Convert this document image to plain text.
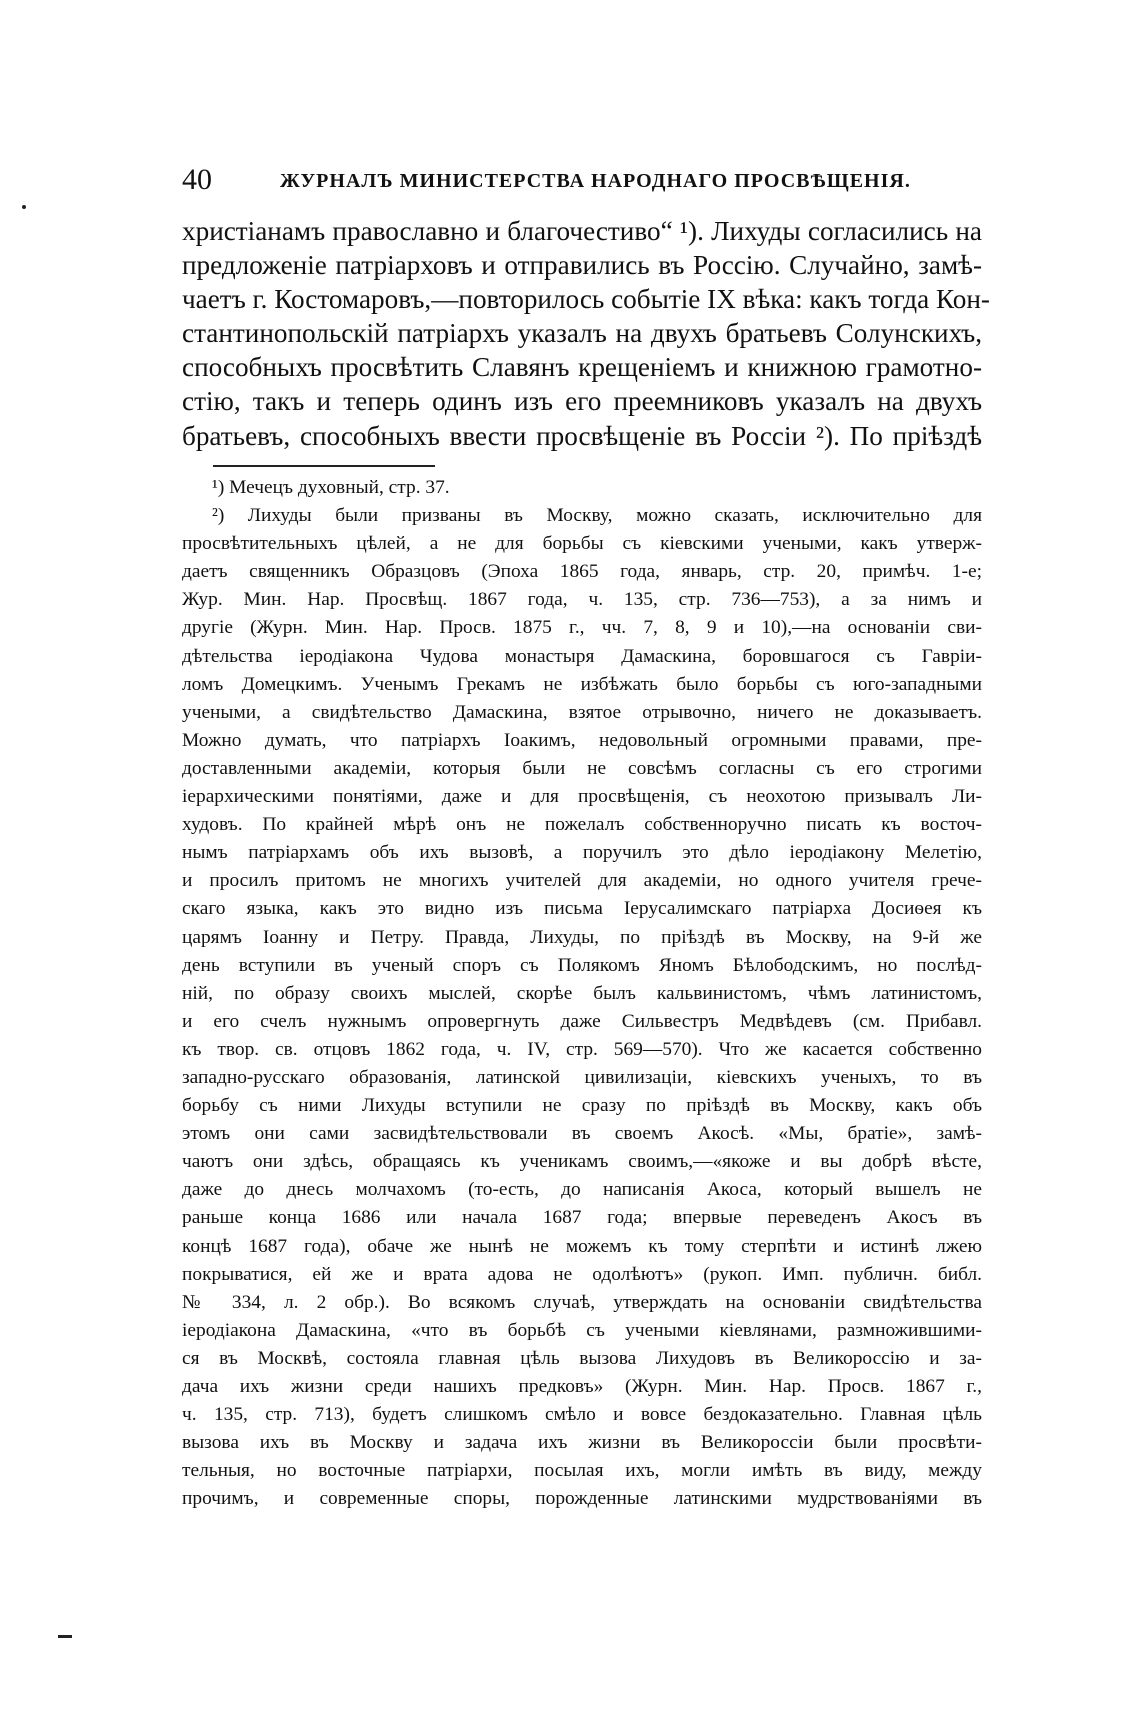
40	ЖУРНАЛЪ МИНИСТЕРСТВА НАРОДНАГО ПРОСВѢЩЕНІЯ.
христіанамъ православно и благочестиво“ ¹). Лихуды согласились на
предложеніе патріарховъ и отправились въ Россію. Случайно, замѣ-
чаетъ г. Костомаровъ,—повторилось событіе IX вѣка: какъ тогда Кон-
стантинопольскій патріархъ указалъ на двухъ братьевъ Солунскихъ,
способныхъ просвѣтить Славянъ крещеніемъ и книжною грамотно-
стію, такъ и теперь одинъ изъ его преемниковъ указалъ на двухъ
братьевъ, способныхъ ввести просвѣщеніе въ Россіи ²). По пріѣздѣ
¹) Мечецъ духовный, стр. 37.
²) Лихуды были призваны въ Москву, можно сказать, исключительно для
просвѣтительныхъ цѣлей, а не для борьбы съ кіевскими учеными, какъ утверж-
даетъ священникъ Образцовъ (Эпоха 1865 года, январь, стр. 20, примѣч. 1-е;
Жур. Мин. Нар. Просвѣщ. 1867 года, ч. 135, стр. 736—753), а за нимъ и
другіе (Журн. Мин. Нар. Просв. 1875 г., чч. 7, 8, 9 и 10),—на основаніи сви-
дѣтельства іеродіакона Чудова монастыря Дамаскина, боровшагося съ Гавріи-
ломъ Домецкимъ. Ученымъ Грекамъ не избѣжать было борьбы съ юго-западными
учеными, а свидѣтельство Дамаскина, взятое отрывочно, ничего не доказываетъ.
Можно думать, что патріархъ Іоакимъ, недовольный огромными правами, пре-
доставленными академіи, которыя были не совсѣмъ согласны съ его строгими
іерархическими понятіями, даже и для просвѣщенія, съ неохотою призывалъ Ли-
худовъ. По крайней мѣрѣ онъ не пожелалъ собственноручно писать къ восточ-
нымъ патріархамъ объ ихъ вызовѣ, а поручилъ это дѣло іеродіакону Мелетію,
и просилъ притомъ не многихъ учителей для академіи, но одного учителя грече-
скаго языка, какъ это видно изъ письма Іерусалимскаго патріарха Досиѳея къ
царямъ Іоанну и Петру. Правда, Лихуды, по пріѣздѣ въ Москву, на 9-й же
день вступили въ ученый споръ съ Полякомъ Яномъ Бѣлободскимъ, но послѣд-
ній, по образу своихъ мыслей, скорѣе былъ кальвинистомъ, чѣмъ латинистомъ,
и его счелъ нужнымъ опровергнуть даже Сильвестръ Медвѣдевъ (см. Прибавл.
къ твор. св. отцовъ 1862 года, ч. IV, стр. 569—570). Что же касается собственно
западно-русскаго образованія, латинской цивилизаціи, кіевскихъ ученыхъ, то въ
борьбу съ ними Лихуды вступили не сразу по пріѣздѣ въ Москву, какъ объ
этомъ они сами засвидѣтельствовали въ своемъ Акосѣ. «Мы, братіе», замѣ-
чаютъ они здѣсь, обращаясь къ ученикамъ своимъ,—«якоже и вы добрѣ вѣсте,
даже до днесь молчахомъ (то-есть, до написанія Акоса, который вышелъ не
раньше конца 1686 или начала 1687 года; впервые переведенъ Акосъ въ
концѣ 1687 года), обаче же нынѣ не можемъ къ тому стерпѣти и истинѣ лжею
покрыватися, ей же и врата адова не одолѣютъ» (рукоп. Имп. публичн. библ.
№ 334, л. 2 обр.). Во всякомъ случаѣ, утверждать на основаніи свидѣтельства
іеродіакона Дамаскина, «что въ борьбѣ съ учеными кіевлянами, размножившими-
ся въ Москвѣ, состояла главная цѣль вызова Лихудовъ въ Великороссію и за-
дача ихъ жизни среди нашихъ предковъ» (Журн. Мин. Нар. Просв. 1867 г.,
ч. 135, стр. 713), будетъ слишкомъ смѣло и вовсе бездоказательно. Главная цѣль
вызова ихъ въ Москву и задача ихъ жизни въ Великороссіи были просвѣти-
тельныя, но восточные патріархи, посылая ихъ, могли имѣть въ виду, между
прочимъ, и современные споры, порожденные латинскими мудрствованіями въ
